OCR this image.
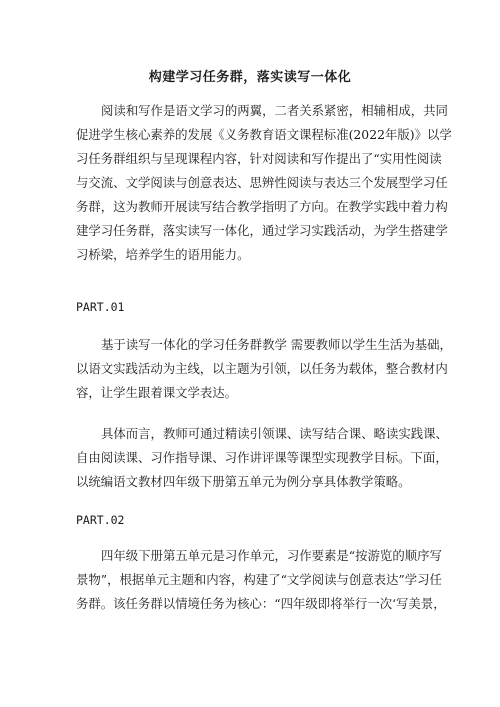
构建学习任务群，落实读写一体化

阅读和写作是语文学习的两翼，二者关系紧密，相辅相成，共同
促进学生核心素养的发展《义务教育语文课程标准(2022年版)》以学
习任务群组织与呈现课程内容，针对阅读和写作提出了“实用性阅读
与交流、文学阅读与创意表达、思辨性阅读与表达三个发展型学习任
务群，这为教师开展读写结合教学指明了方向。在教学实践中着力构
建学习任务群，落实读写一体化，通过学习实践活动，为学生搭建学
习桥梁，培养学生的语用能力。

PART.01

基于读写一体化的学习任务群教学 需要教师以学生生活为基础，
以语文实践活动为主线，以主题为引领，以任务为载体，整合教材内
容，让学生跟着课文学表达。

具体而言，教师可通过精读引领课、读写结合课、略读实践课、
自由阅读课、习作指导课、习作讲评课等课型实现教学目标。下面，
以统编语文教材四年级下册第五单元为例分享具体教学策略。

PART.02

四年级下册第五单元是习作单元，习作要素是“按游览的顺序写
景物”，根据单元主题和内容，构建了“文学阅读与创意表达”学习任
务群。该任务群以情境任务为核心：“四年级即将举行一次‘写美景，
